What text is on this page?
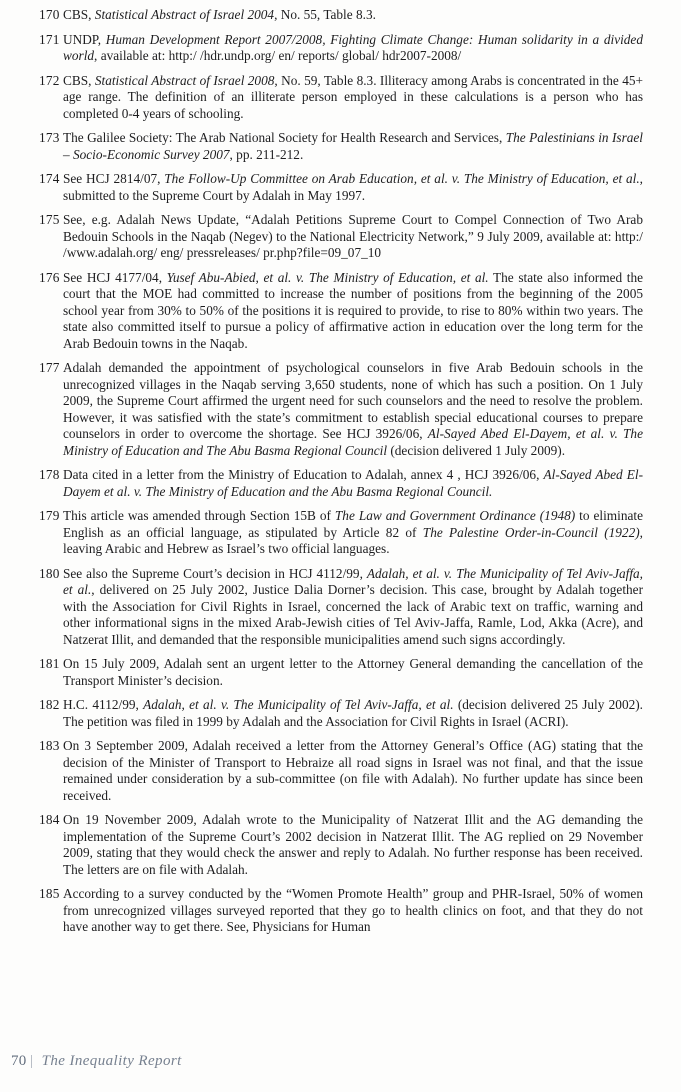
170 CBS, Statistical Abstract of Israel 2004, No. 55, Table 8.3.
171 UNDP, Human Development Report 2007/2008, Fighting Climate Change: Human solidarity in a divided world, available at: http:/ /hdr.undp.org/ en/ reports/ global/ hdr2007-2008/
172 CBS, Statistical Abstract of Israel 2008, No. 59, Table 8.3. Illiteracy among Arabs is concentrated in the 45+ age range. The definition of an illiterate person employed in these calculations is a person who has completed 0-4 years of schooling.
173 The Galilee Society: The Arab National Society for Health Research and Services, The Palestinians in Israel – Socio-Economic Survey 2007, pp. 211-212.
174 See HCJ 2814/07, The Follow-Up Committee on Arab Education, et al. v. The Ministry of Education, et al., submitted to the Supreme Court by Adalah in May 1997.
175 See, e.g. Adalah News Update, “Adalah Petitions Supreme Court to Compel Connection of Two Arab Bedouin Schools in the Naqab (Negev) to the National Electricity Network,” 9 July 2009, available at: http:/ /www.adalah.org/ eng/ pressreleases/ pr.php?file=09_07_10
176 See HCJ 4177/04, Yusef Abu-Abied, et al. v. The Ministry of Education, et al. The state also informed the court that the MOE had committed to increase the number of positions from the beginning of the 2005 school year from 30% to 50% of the positions it is required to provide, to rise to 80% within two years. The state also committed itself to pursue a policy of affirmative action in education over the long term for the Arab Bedouin towns in the Naqab.
177 Adalah demanded the appointment of psychological counselors in five Arab Bedouin schools in the unrecognized villages in the Naqab serving 3,650 students, none of which has such a position. On 1 July 2009, the Supreme Court affirmed the urgent need for such counselors and the need to resolve the problem. However, it was satisfied with the state’s commitment to establish special educational courses to prepare counselors in order to overcome the shortage. See HCJ 3926/06, Al-Sayed Abed El-Dayem, et al. v. The Ministry of Education and The Abu Basma Regional Council (decision delivered 1 July 2009).
178 Data cited in a letter from the Ministry of Education to Adalah, annex 4 , HCJ 3926/06, Al-Sayed Abed El-Dayem et al. v. The Ministry of Education and the Abu Basma Regional Council.
179 This article was amended through Section 15B of The Law and Government Ordinance (1948) to eliminate English as an official language, as stipulated by Article 82 of The Palestine Order-in-Council (1922), leaving Arabic and Hebrew as Israel’s two official languages.
180 See also the Supreme Court’s decision in HCJ 4112/99, Adalah, et al. v. The Municipality of Tel Aviv-Jaffa, et al., delivered on 25 July 2002, Justice Dalia Dorner’s decision. This case, brought by Adalah together with the Association for Civil Rights in Israel, concerned the lack of Arabic text on traffic, warning and other informational signs in the mixed Arab-Jewish cities of Tel Aviv-Jaffa, Ramle, Lod, Akka (Acre), and Natzerat Illit, and demanded that the responsible municipalities amend such signs accordingly.
181 On 15 July 2009, Adalah sent an urgent letter to the Attorney General demanding the cancellation of the Transport Minister’s decision.
182 H.C. 4112/99, Adalah, et al. v. The Municipality of Tel Aviv-Jaffa, et al. (decision delivered 25 July 2002). The petition was filed in 1999 by Adalah and the Association for Civil Rights in Israel (ACRI).
183 On 3 September 2009, Adalah received a letter from the Attorney General’s Office (AG) stating that the decision of the Minister of Transport to Hebraize all road signs in Israel was not final, and that the issue remained under consideration by a sub-committee (on file with Adalah). No further update has since been received.
184 On 19 November 2009, Adalah wrote to the Municipality of Natzerat Illit and the AG demanding the implementation of the Supreme Court’s 2002 decision in Natzerat Illit. The AG replied on 29 November 2009, stating that they would check the answer and reply to Adalah. No further response has been received. The letters are on file with Adalah.
185 According to a survey conducted by the “Women Promote Health” group and PHR-Israel, 50% of women from unrecognized villages surveyed reported that they go to health clinics on foot, and that they do not have another way to get there. See, Physicians for Human
70 The Inequality Report
